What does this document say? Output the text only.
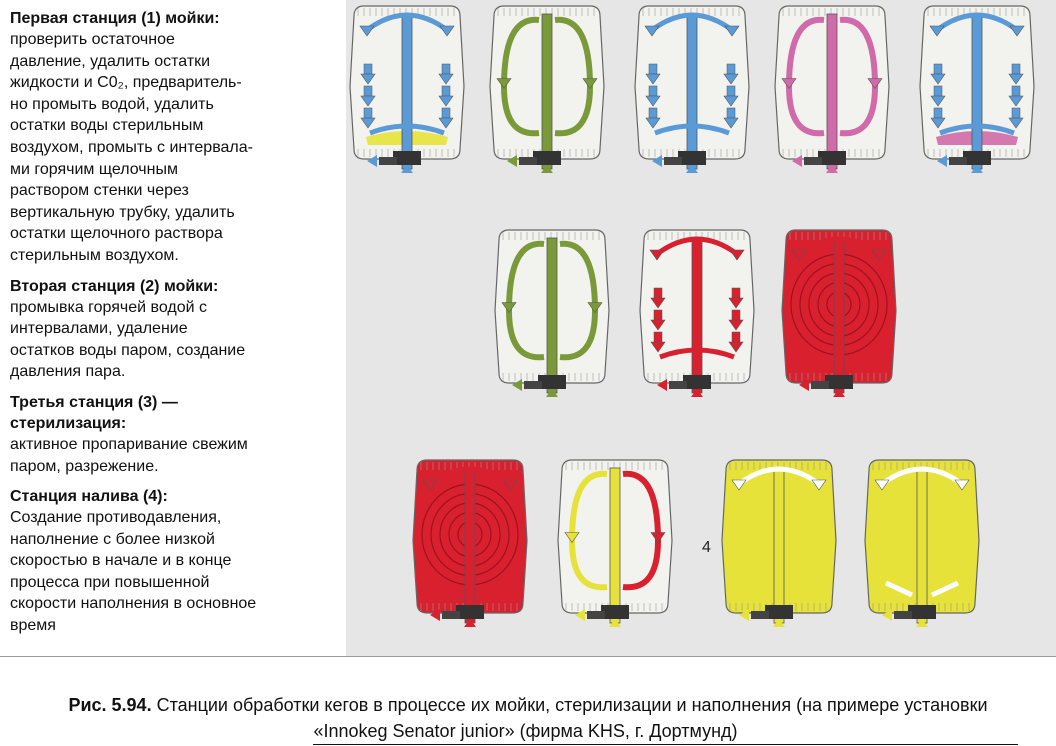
Первая станция (1) мойки:
проверить остаточное
давление, удалить остатки
жидкости и С0₂, предваритель-
но промыть водой, удалить
остатки воды стерильным
воздухом, промыть с интервала-
ми горячим щелочным
раствором стенки через
вертикальную трубку, удалить
остатки щелочного раствора
стерильным воздухом.
Вторая станция (2) мойки:
промывка горячей водой с
интервалами, удаление
остатков воды паром, создание
давления пара.
Третья станция (3) —
стерилизация:
активное пропаривание свежим
паром, разрежение.
Станция налива (4):
Создание противодавления,
наполнение с более низкой
скоростью в начале и в конце
процесса при повышенной
скорости наполнения в основное
время
4
Рис. 5.94. Станции обработки кегов в процессе их мойки, стерилизации и наполнения (на примере установки
«Innokeg Senator junior» (фирма KHS, г. Дортмунд)
